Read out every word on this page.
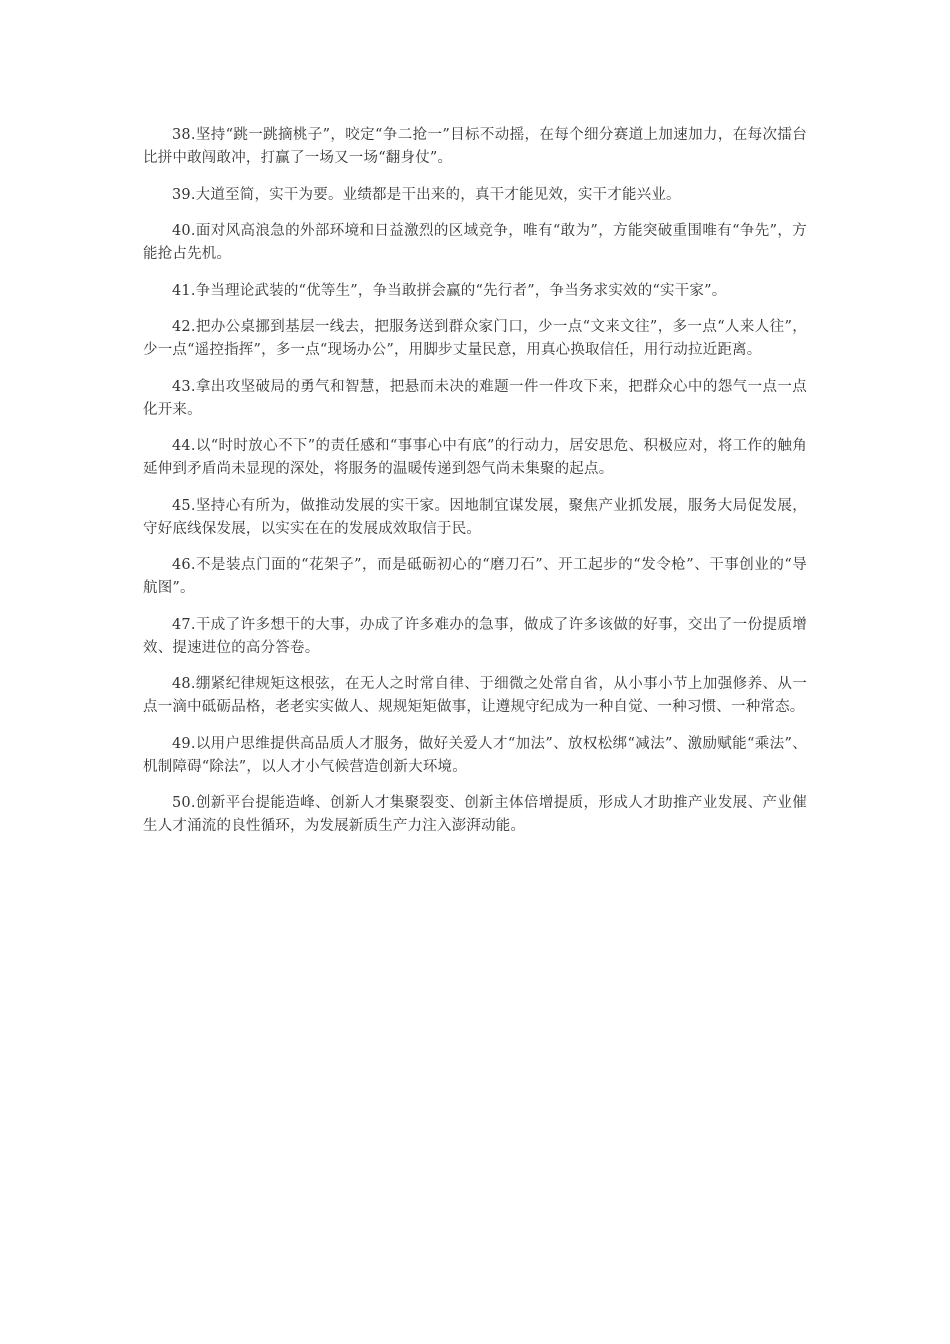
38.坚持“跳一跳摘桃子”，咬定“争二抢一”目标不动摇，在每个细分赛道上加速加力，在每次擂台比拼中敢闯敢冲，打赢了一场又一场“翻身仗”。

39.大道至简，实干为要。业绩都是干出来的，真干才能见效，实干才能兴业。

40.面对风高浪急的外部环境和日益激烈的区域竞争，唯有“敢为”，方能突破重围唯有“争先”，方能抢占先机。

41.争当理论武装的“优等生”，争当敢拼会赢的“先行者”，争当务求实效的“实干家”。

42.把办公桌挪到基层一线去，把服务送到群众家门口，少一点“文来文往”，多一点“人来人往”，少一点“遥控指挥”，多一点“现场办公”，用脚步丈量民意，用真心换取信任，用行动拉近距离。

43.拿出攻坚破局的勇气和智慧，把悬而未决的难题一件一件攻下来，把群众心中的怨气一点一点化开来。

44.以“时时放心不下”的责任感和“事事心中有底”的行动力，居安思危、积极应对，将工作的触角延伸到矛盾尚未显现的深处，将服务的温暖传递到怨气尚未集聚的起点。

45.坚持心有所为，做推动发展的实干家。因地制宜谋发展，聚焦产业抓发展，服务大局促发展，守好底线保发展，以实实在在的发展成效取信于民。

46.不是装点门面的“花架子”，而是砥砺初心的“磨刀石”、开工起步的“发令枪”、干事创业的“导航图”。

47.干成了许多想干的大事，办成了许多难办的急事，做成了许多该做的好事，交出了一份提质增效、提速进位的高分答卷。

48.绷紧纪律规矩这根弦，在无人之时常自律、于细微之处常自省，从小事小节上加强修养、从一点一滴中砥砺品格，老老实实做人、规规矩矩做事，让遵规守纪成为一种自觉、一种习惯、一种常态。

49.以用户思维提供高品质人才服务，做好关爱人才“加法”、放权松绑“减法”、激励赋能“乘法”、机制障碍“除法”，以人才小气候营造创新大环境。

50.创新平台提能造峰、创新人才集聚裂变、创新主体倍增提质，形成人才助推产业发展、产业催生人才涌流的良性循环，为发展新质生产力注入澎湃动能。
